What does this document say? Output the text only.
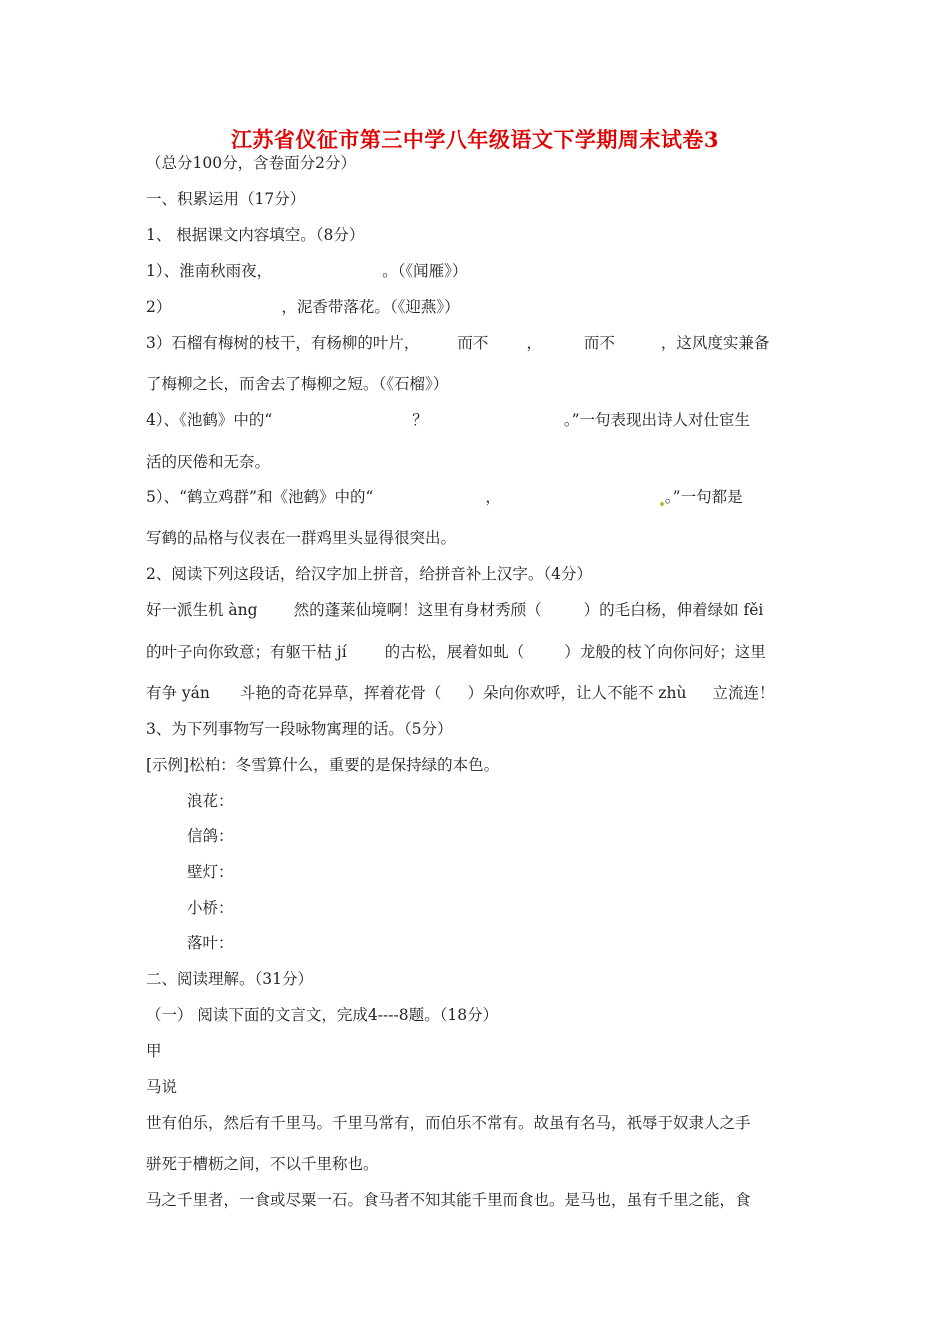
江苏省仪征市第三中学八年级语文下学期周末试卷3
（总分100分，含卷面分2分）
一、积累运用（17分）
1、 根据课文内容填空。（8分）
1）、淮南秋雨夜，	。（《闻雁》）
2）	，泥香带落花。（《迎燕》）
3）石榴有梅树的枝干，有杨柳的叶片， 而不 ，	而不	，这风度实兼备
了梅柳之长，而舍去了梅柳之短。（《石榴》）
4）、《池鹤》中的“	？	。”一句表现出诗人对仕宦生
活的厌倦和无奈。
5）、“鹤立鸡群”和《池鹤》中的“	，	。”一句都是
写鹤的品格与仪表在一群鸡里头显得很突出。
2、阅读下列这段话，给汉字加上拼音，给拼音补上汉字。（4分）
好一派生机 àng 然的蓬莱仙境啊！这里有身材秀颀（	）的毛白杨，伸着绿如 fěi
的叶子向你致意；有躯干枯 jí 的古松，展着如虬（	）龙般的枝丫向你问好；这里
有争 yán 斗艳的奇花异草，挥着花骨（ ）朵向你欢呼，让人不能不 zhù 立流连！
3、为下列事物写一段咏物寓理的话。（5分）
[示例]松柏：冬雪算什么，重要的是保持绿的本色。
浪花：
信鸽：
壁灯：
小桥：
落叶：
二、阅读理解。（31分）
（一） 阅读下面的文言文，完成4----8题。（18分）
甲
马说
世有伯乐，然后有千里马。千里马常有，而伯乐不常有。故虽有名马，祇辱于奴隶人之手
骈死于槽枥之间，不以千里称也。
马之千里者，一食或尽粟一石。食马者不知其能千里而食也。是马也，虽有千里之能，食
